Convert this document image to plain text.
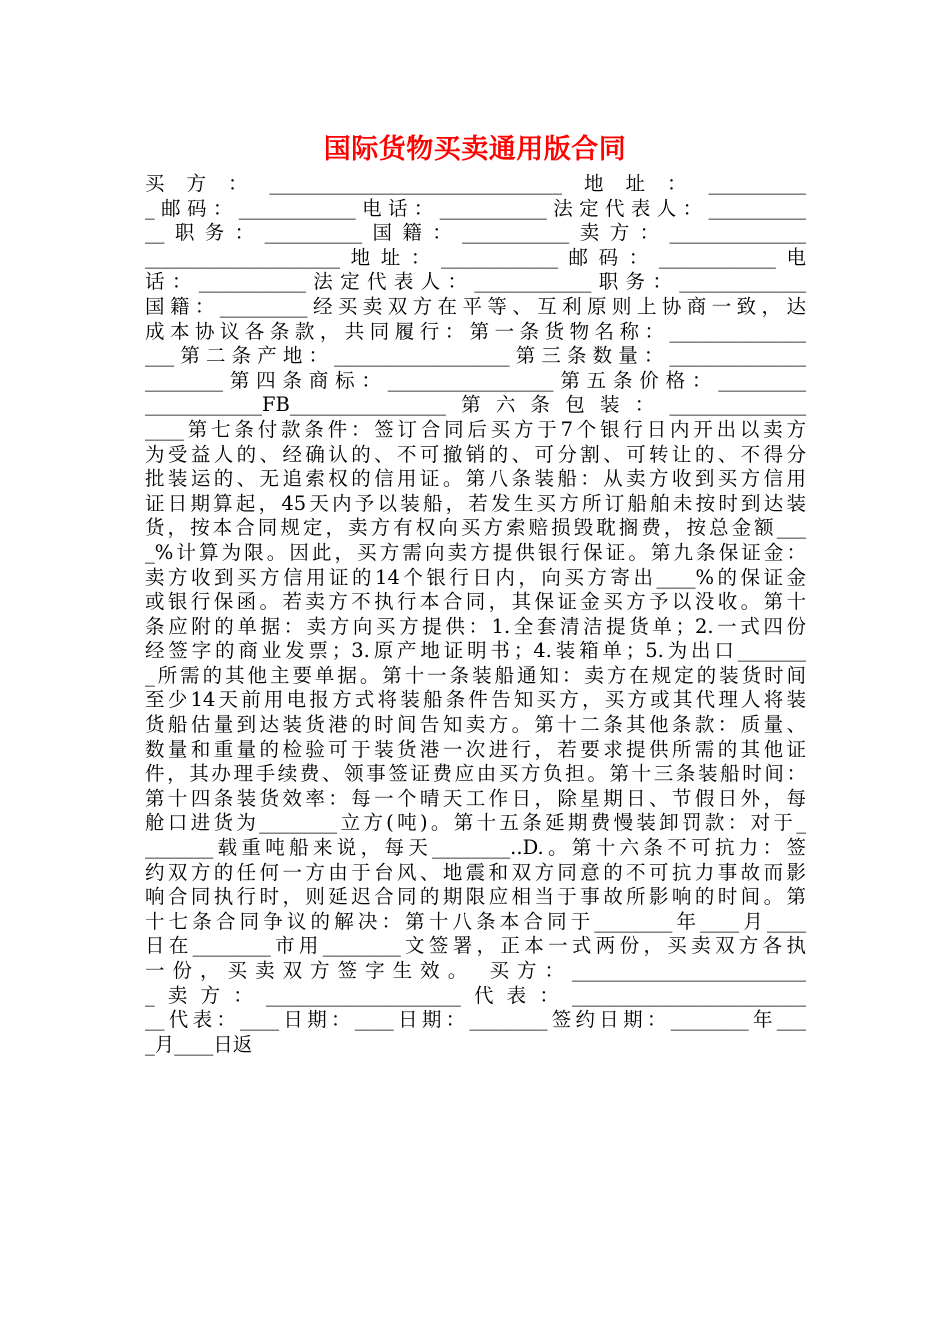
国际货物买卖通用版合同
买方：______________________________地址：__________
_邮码：____________电话：___________法定代表人：__________
__职务：__________国籍：___________卖方：______________
____________________地址：____________邮码：____________电
话：___________法定代表人：____________职务：_____________
国籍：_________经买卖双方在平等、互利原则上协商一致，达
成本协议各条款，共同履行：第一条货物名称：______________
___第二条产地：__________________第三条数量：______________
________第四条商标：_________________第五条价格：_________
____________FB________________第六条包装：______________
____第七条付款条件：签订合同后买方于7个银行日内开出以卖方
为受益人的、经确认的、不可撤销的、可分割、可转让的、不得分
批装运的、无追索权的信用证。第八条装船：从卖方收到买方信用
证日期算起，45天内予以装船，若发生买方所订船舶未按时到达装
货，按本合同规定，卖方有权向买方索赔损毁耽搁费，按总金额___
_%计算为限。因此，买方需向卖方提供银行保证。第九条保证金：
卖方收到买方信用证的14个银行日内，向买方寄出____%的保证金
或银行保函。若卖方不执行本合同，其保证金买方予以没收。第十
条应附的单据：卖方向买方提供：1.全套清洁提货单；2.一式四份
经签字的商业发票；3.原产地证明书；4.装箱单；5.为出口_______
_所需的其他主要单据。第十一条装船通知：卖方在规定的装货时间
至少14天前用电报方式将装船条件告知买方，买方或其代理人将装
货船估量到达装货港的时间告知卖方。第十二条其他条款：质量、
数量和重量的检验可于装货港一次进行，若要求提供所需的其他证
件，其办理手续费、领事签证费应由买方负担。第十三条装船时间：
第十四条装货效率：每一个晴天工作日，除星期日、节假日外，每
舱口进货为________立方(吨)。第十五条延期费慢装卸罚款：对于_
_______载重吨船来说，每天________..D.。第十六条不可抗力：签
约双方的任何一方由于台风、地震和双方同意的不可抗力事故而影
响合同执行时，则延迟合同的期限应相当于事故所影响的时间。第
十七条合同争议的解决：第十八条本合同于________年____月____
日在________市用________文签署，正本一式两份，买卖双方各执
一份，买卖双方签字生效。 买方：________________________
_卖方：____________________代表：________________________
__代表：____日期：____日期：________签约日期：________年___
_月____日返
